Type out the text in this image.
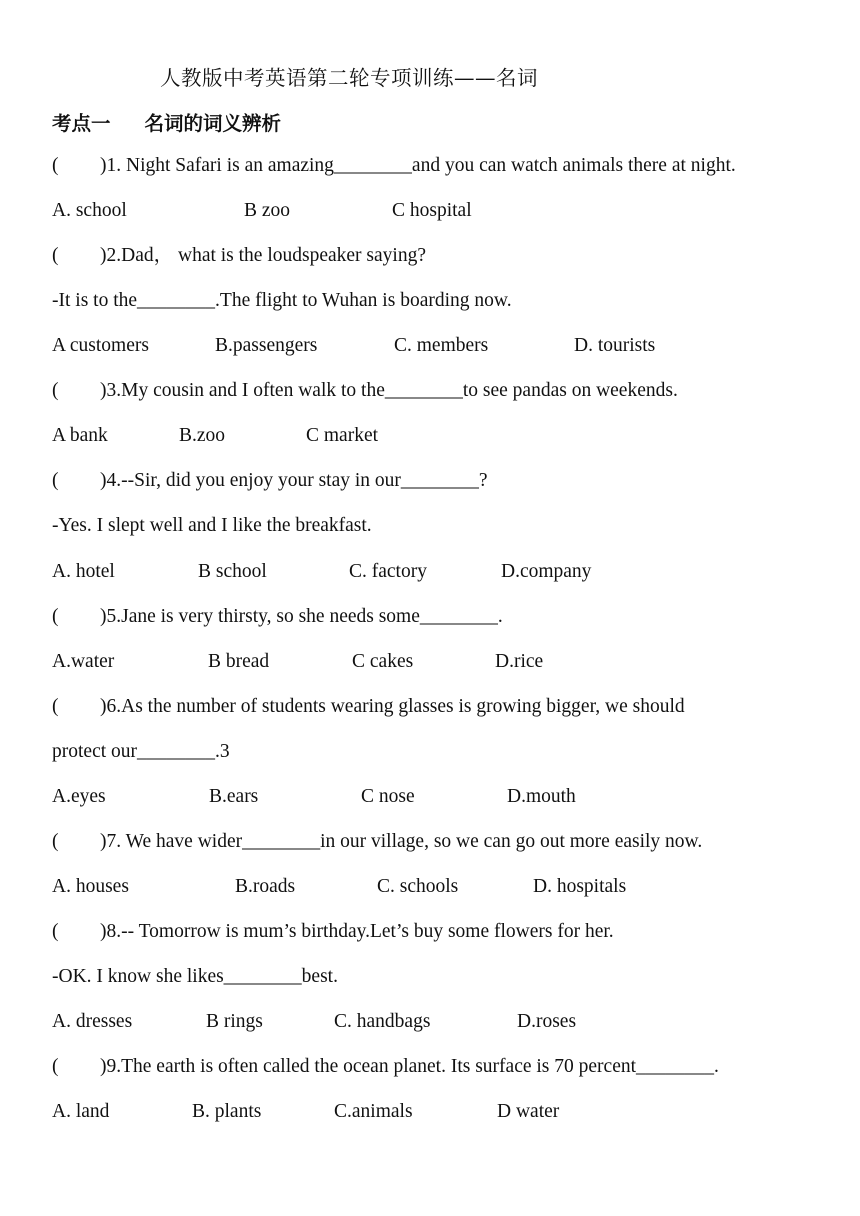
人教版中考英语第二轮专项训练——名词
考点一 名词的词义辨析
( )1. Night Safari is an amazing________and you can watch animals there at night.
A. school	B zoo	C hospital
( )2.Dad， what is the loudspeaker saying?
-It is to the________.The flight to Wuhan is boarding now.
A customers	B.passengers	C. members	D. tourists
( )3.My cousin and I often walk to the________to see pandas on weekends.
A bank	B.zoo	C market
( )4.--Sir, did you enjoy your stay in our________?
-Yes. I slept well and I like the breakfast.
A. hotel	B school	C. factory	D.company
( )5.Jane is very thirsty, so she needs some________.
A.water	B bread	C cakes	D.rice
( )6.As the number of students wearing glasses is growing bigger, we should
protect our________.3
A.eyes	B.ears	C nose	D.mouth
( )7. We have wider________in our village, so we can go out more easily now.
A. houses	B.roads	C. schools	D. hospitals
( )8.-- Tomorrow is mum’s birthday.Let’s buy some flowers for her.
-OK. I know she likes________best.
A. dresses	B rings	C. handbags	D.roses
( )9.The earth is often called the ocean planet. Its surface is 70 percent________.
A. land	B. plants	C.animals	D water
